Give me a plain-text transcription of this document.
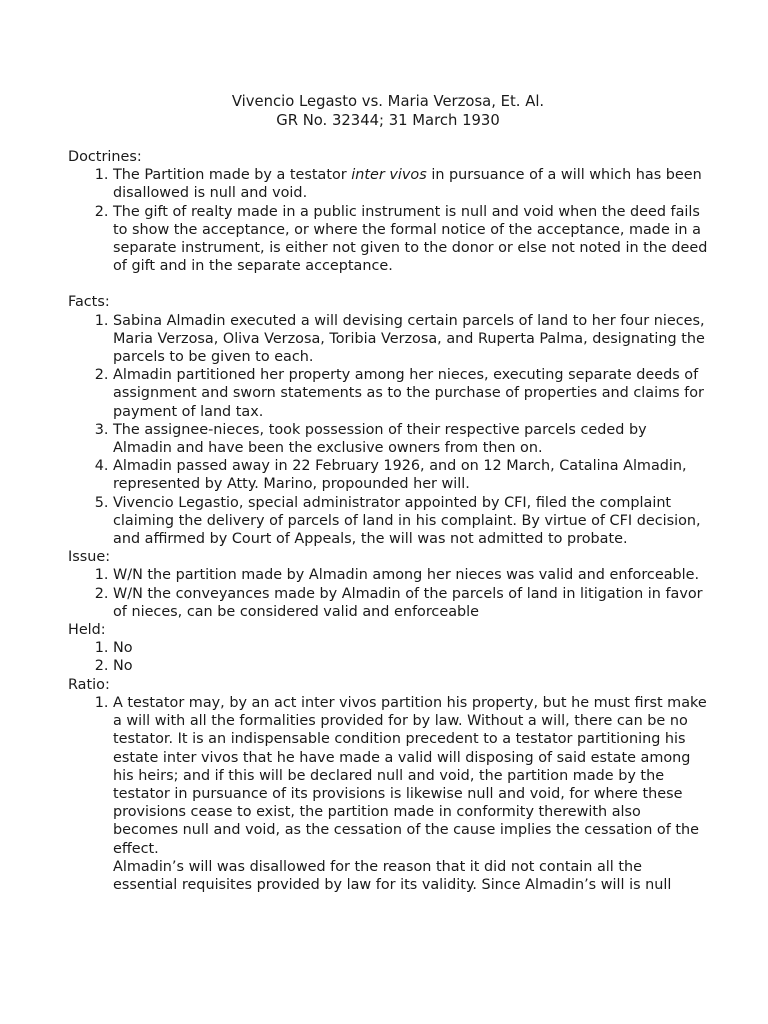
Vivencio Legasto vs. Maria Verzosa, Et. Al.

GR No. 32344; 31 March 1930

Doctrines:

1. The Partition made by a testator inter vivos in pursuance of a will which has been disallowed is null and void.
2. The gift of realty made in a public instrument is null and void when the deed fails to show the acceptance, or where the formal notice of the acceptance, made in a separate instrument, is either not given to the donor or else not noted in the deed of gift and in the separate acceptance.

Facts:

1. Sabina Almadin executed a will devising certain parcels of land to her four nieces, Maria Verzosa, Oliva Verzosa, Toribia Verzosa, and Ruperta Palma, designating the parcels to be given to each.
2. Almadin partitioned her property among her nieces, executing separate deeds of assignment and sworn statements as to the purchase of properties and claims for payment of land tax.
3. The assignee-nieces, took possession of their respective parcels ceded by Almadin and have been the exclusive owners from then on.
4. Almadin passed away in 22 February 1926, and on 12 March, Catalina Almadin, represented by Atty. Marino, propounded her will.
5. Vivencio Legastio, special administrator appointed by CFI, filed the complaint claiming the delivery of parcels of land in his complaint. By virtue of CFI decision, and affirmed by Court of Appeals, the will was not admitted to probate.

Issue:

1. W/N the partition made by Almadin among her nieces was valid and enforceable.
2. W/N the conveyances made by Almadin of the parcels of land in litigation in favor of nieces, can be considered valid and enforceable

Held:

1. No
2. No

Ratio:

1. A testator may, by an act inter vivos partition his property, but he must first make a will with all the formalities provided for by law. Without a will, there can be no testator. It is an indispensable condition precedent to a testator partitioning his estate inter vivos that he have made a valid will disposing of said estate among his heirs; and if this will be declared null and void, the partition made by the testator in pursuance of its provisions is likewise null and void, for where these provisions cease to exist, the partition made in conformity therewith also becomes null and void, as the cessation of the cause implies the cessation of the effect.
Almadin’s will was disallowed for the reason that it did not contain all the essential requisites provided by law for its validity. Since Almadin’s will is null
